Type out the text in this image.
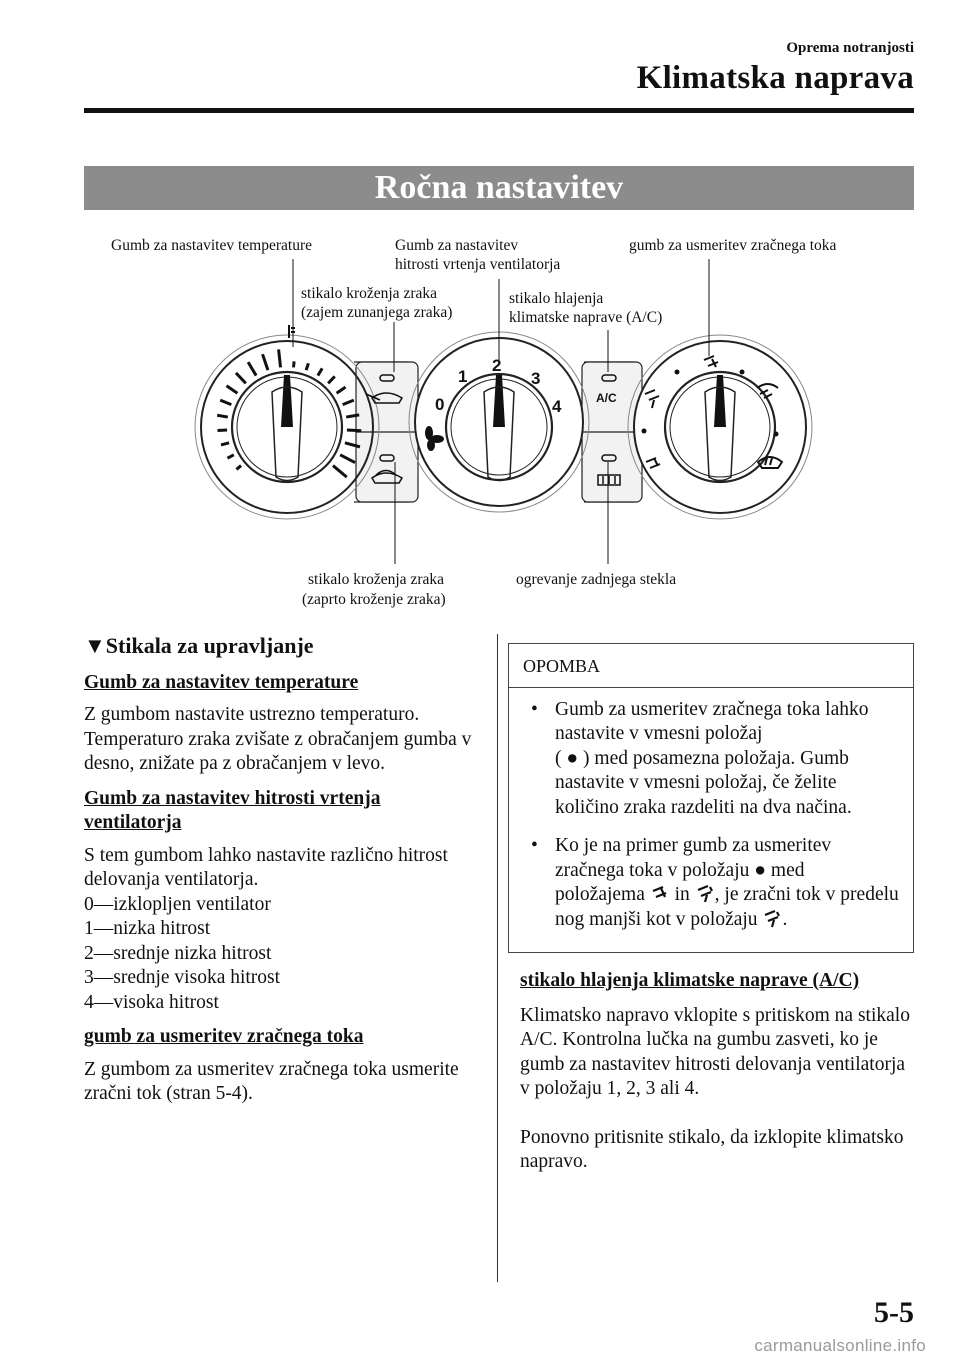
Oprema notranjosti
Klimatska naprava
Ročna nastavitev
0
1
2
3
4	A/C
Gumb za nastavitev temperature	Gumb za nastavitev
hitrosti vrtenja ventilatorja
gumb za usmeritev zračnega toka
stikalo kroženja zraka
(zajem zunanjega zraka)
stikalo hlajenja
klimatske naprave (A/C)
stikalo kroženja zraka
(zaprto kroženje zraka)
ogrevanje zadnjega stekla
▼Stikala za upravljanje

Gumb za nastavitev temperature

Z gumbom nastavite ustrezno temperaturo. Temperaturo zraka zvišate z obračanjem gumba v desno, znižate pa z obračanjem v levo.

Gumb za nastavitev hitrosti vrtenja
ventilatorja

S tem gumbom lahko nastavite različno hitrost delovanja ventilatorja.

0—izklopljen ventilator

1—nizka hitrost

2—srednje nizka hitrost

3—srednje visoka hitrost

4—visoka hitrost

gumb za usmeritev zračnega toka

Z gumbom za usmeritev zračnega toka usmerite zračni tok (stran 5-4).

OPOMBA
• Gumb za usmeritev zračnega toka lahko nastavite v vmesni položaj
( ● ) med posamezna položaja. Gumb nastavite v vmesni položaj, če želite količino zraka razdeliti na dva načina.
• Ko je na primer gumb za usmeritev zračnega toka v položaju ● med položajema in , je zračni tok v predelu nog manjši kot v položaju .

stikalo hlajenja klimatske naprave (A/C)

Klimatsko napravo vklopite s pritiskom na stikalo A/C. Kontrolna lučka na gumbu zasveti, ko je gumb za nastavitev hitrosti delovanja ventilatorja v položaju 1, 2, 3 ali 4.

Ponovno pritisnite stikalo, da izklopite klimatsko napravo.

5-5
carmanualsonline.info
